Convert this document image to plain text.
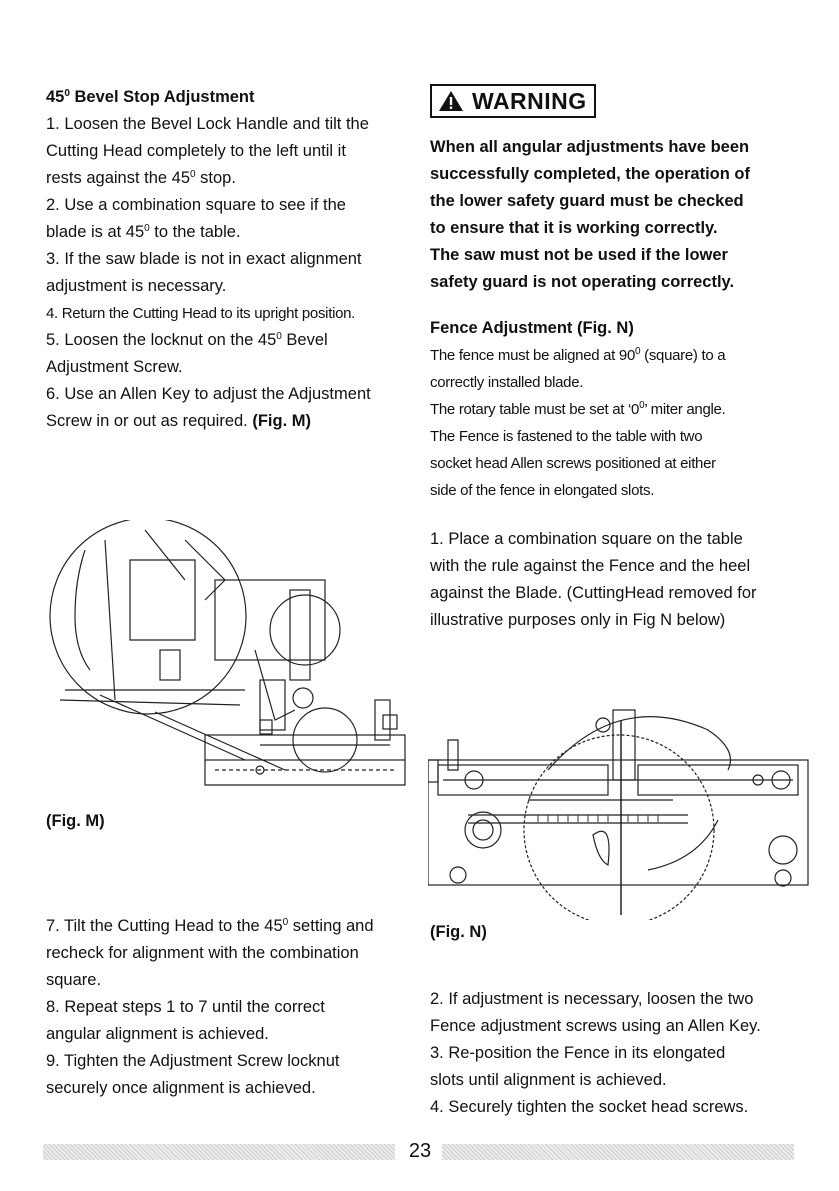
$45^0$ Bevel Stop Adjustment

1. Loosen the Bevel Lock Handle and tilt the

Cutting Head completely to the left until it

rests against the $45^0$ stop.

2. Use a combination square to see if the

blade is at $45^0$ to the table.

3. If the saw blade is not in exact alignment

adjustment is necessary.

4. Return the Cutting Head to its upright position.

5. Loosen the locknut on the $45^0$ Bevel

Adjustment Screw.

6. Use an Allen Key to adjust the Adjustment

Screw in or out as required. (Fig. M)

(Fig. M)

7. Tilt the Cutting Head to the $45^0$ setting and

recheck for alignment with the combination

square.

8. Repeat steps 1 to 7 until the correct

angular alignment is achieved.

9. Tighten the Adjustment Screw locknut

securely once alignment is achieved.

WARNING

When all angular adjustments have been

successfully completed, the operation of

the lower safety guard must be checked

to ensure that it is working correctly.

The saw must not be used if the lower

safety guard is not operating correctly.

Fence Adjustment (Fig. N)

The fence must be aligned at $90^0$ (square) to a

correctly installed blade.

The rotary table must be set at ‘$0^0$’ miter angle.

The Fence is fastened to the table with two

socket head Allen screws positioned at either

side of the fence in elongated slots.

1. Place a combination square on the table

with the rule against the Fence and the heel

against the Blade. (CuttingHead removed for

illustrative purposes only in Fig N below)

(Fig. N)

2. If adjustment is necessary, loosen the two

Fence adjustment screws using an Allen Key.

3. Re-position the Fence in its elongated

slots until alignment is achieved.

4. Securely tighten the socket head screws.

23
